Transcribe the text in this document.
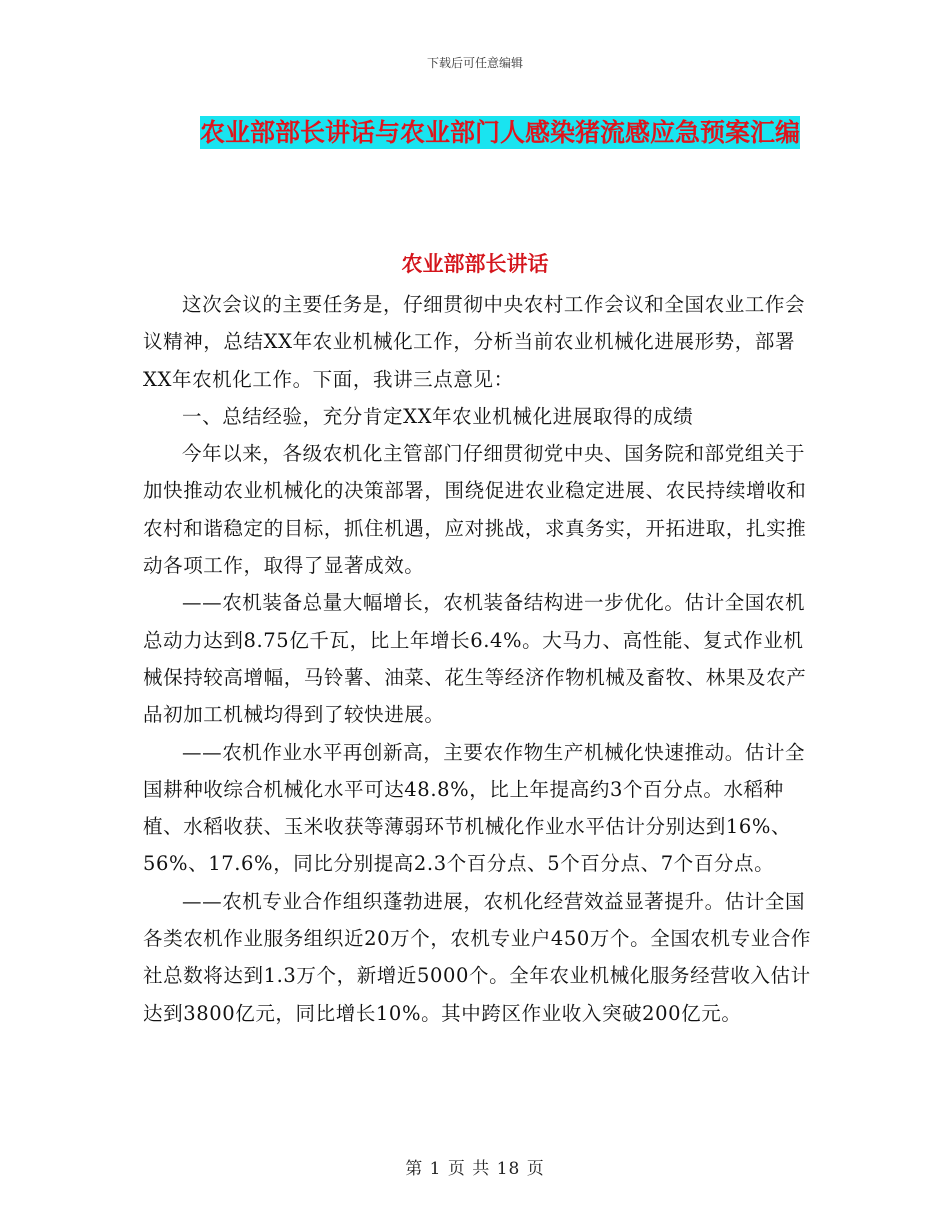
下载后可任意编辑
农业部部长讲话与农业部门人感染猪流感应急预案汇编
农业部部长讲话

这次会议的主要任务是，仔细贯彻中央农村工作会议和全国农业工作会议精神，总结XX年农业机械化工作，分析当前农业机械化进展形势，部署XX年农机化工作。下面，我讲三点意见：

一、总结经验，充分肯定XX年农业机械化进展取得的成绩

今年以来，各级农机化主管部门仔细贯彻党中央、国务院和部党组关于加快推动农业机械化的决策部署，围绕促进农业稳定进展、农民持续增收和农村和谐稳定的目标，抓住机遇，应对挑战，求真务实，开拓进取，扎实推动各项工作，取得了显著成效。

——农机装备总量大幅增长，农机装备结构进一步优化。估计全国农机总动力达到8.75亿千瓦，比上年增长6.4%。大马力、高性能、复式作业机械保持较高增幅，马铃薯、油菜、花生等经济作物机械及畜牧、林果及农产品初加工机械均得到了较快进展。

——农机作业水平再创新高，主要农作物生产机械化快速推动。估计全国耕种收综合机械化水平可达48.8%，比上年提高约3个百分点。水稻种植、水稻收获、玉米收获等薄弱环节机械化作业水平估计分别达到16%、56%、17.6%，同比分别提高2.3个百分点、5个百分点、7个百分点。

——农机专业合作组织蓬勃进展，农机化经营效益显著提升。估计全国各类农机作业服务组织近20万个，农机专业户450万个。全国农机专业合作社总数将达到1.3万个，新增近5000个。全年农业机械化服务经营收入估计达到3800亿元，同比增长10%。其中跨区作业收入突破200亿元。

第 1 页 共 18 页
